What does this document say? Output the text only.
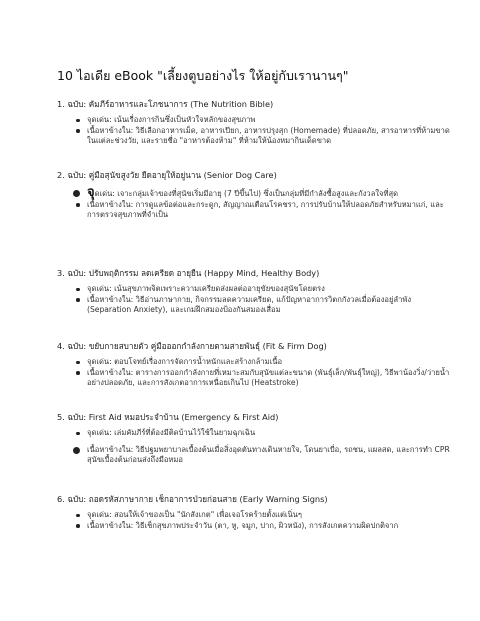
10 ไอเดีย eBook "เลี้ยงตูบอย่างไร ให้อยู่กับเรานานๆ"
1. ฉบับ: คัมภีร์อาหารและโภชนาการ (The Nutrition Bible)
จุดเด่น: เน้นเรื่องการกินซึ่งเป็นหัวใจหลักของสุขภาพ
เนื้อหาข้างใน: วิธีเลือกอาหารเม็ด, อาหารเปียก, อาหารปรุงสุก (Homemade) ที่ปลอดภัย, สารอาหารที่ห้ามขาดในแต่ละช่วงวัย, และรายชื่อ "อาหารต้องห้าม" ที่ห้ามให้น้องหมากินเด็ดขาด
2. ฉบับ: คู่มือสุนัขสูงวัย ยืดอายุให้อยู่นาน (Senior Dog Care)
จุดเด่น: เจาะกลุ่มเจ้าของที่สุนัขเริ่มมีอายุ (7 ปีขึ้นไป) ซึ่งเป็นกลุ่มที่มีกำลังซื้อสูงและกังวลใจที่สุด
เนื้อหาข้างใน: การดูแลข้อต่อและกระดูก, สัญญาณเตือนโรคชรา, การปรับบ้านให้ปลอดภัยสำหรับหมาแก่, และการตรวจสุขภาพที่จำเป็น
3. ฉบับ: ปรับพฤติกรรม ลดเครียด อายุยืน (Happy Mind, Healthy Body)
จุดเด่น: เน้นสุขภาพจิตเพราะความเครียดส่งผลต่ออายุขัยของสุนัขโดยตรง
เนื้อหาข้างใน: วิธีอ่านภาษากาย, กิจกรรมลดความเครียด, แก้ปัญหาอาการวิตกกังวลเมื่อต้องอยู่ลำพัง (Separation Anxiety), และเกมฝึกสมองป้องกันสมองเสื่อม
4. ฉบับ: ขยับกายสบายตัว คู่มือออกกำลังกายตามสายพันธุ์ (Fit & Firm Dog)
จุดเด่น: ตอบโจทย์เรื่องการจัดการน้ำหนักและสร้างกล้ามเนื้อ
เนื้อหาข้างใน: ตารางการออกกำลังกายที่เหมาะสมกับสุนัขแต่ละขนาด (พันธุ์เล็ก/พันธุ์ใหญ่), วิธีพาน้องวิ่ง/ว่ายน้ำอย่างปลอดภัย, และการสังเกตอาการเหนื่อยเกินไป (Heatstroke)
5. ฉบับ: First Aid หมอประจำบ้าน (Emergency & First Aid)
จุดเด่น: เล่มคัมภีร์ที่ต้องมีติดบ้านไว้ใช้ในยามฉุกเฉิน
เนื้อหาข้างใน: วิธีปฐมพยาบาลเบื้องต้นเมื่อสิ่งอุดตันทางเดินหายใจ, โดนยาเบื่อ, รถชน, แผลสด, และการทำ CPR สุนัขเบื้องต้นก่อนส่งถึงมือหมอ
6. ฉบับ: ถอดรหัสภาษากาย เช็กอาการป่วยก่อนสาย (Early Warning Signs)
จุดเด่น: สอนให้เจ้าของเป็น "นักสังเกต" เพื่อเจอโรคร้ายตั้งแต่เนิ่นๆ
เนื้อหาข้างใน: วิธีเช็กสุขภาพประจำวัน (ตา, หู, จมูก, ปาก, ผิวหนัง), การสังเกตความผิดปกติจาก
